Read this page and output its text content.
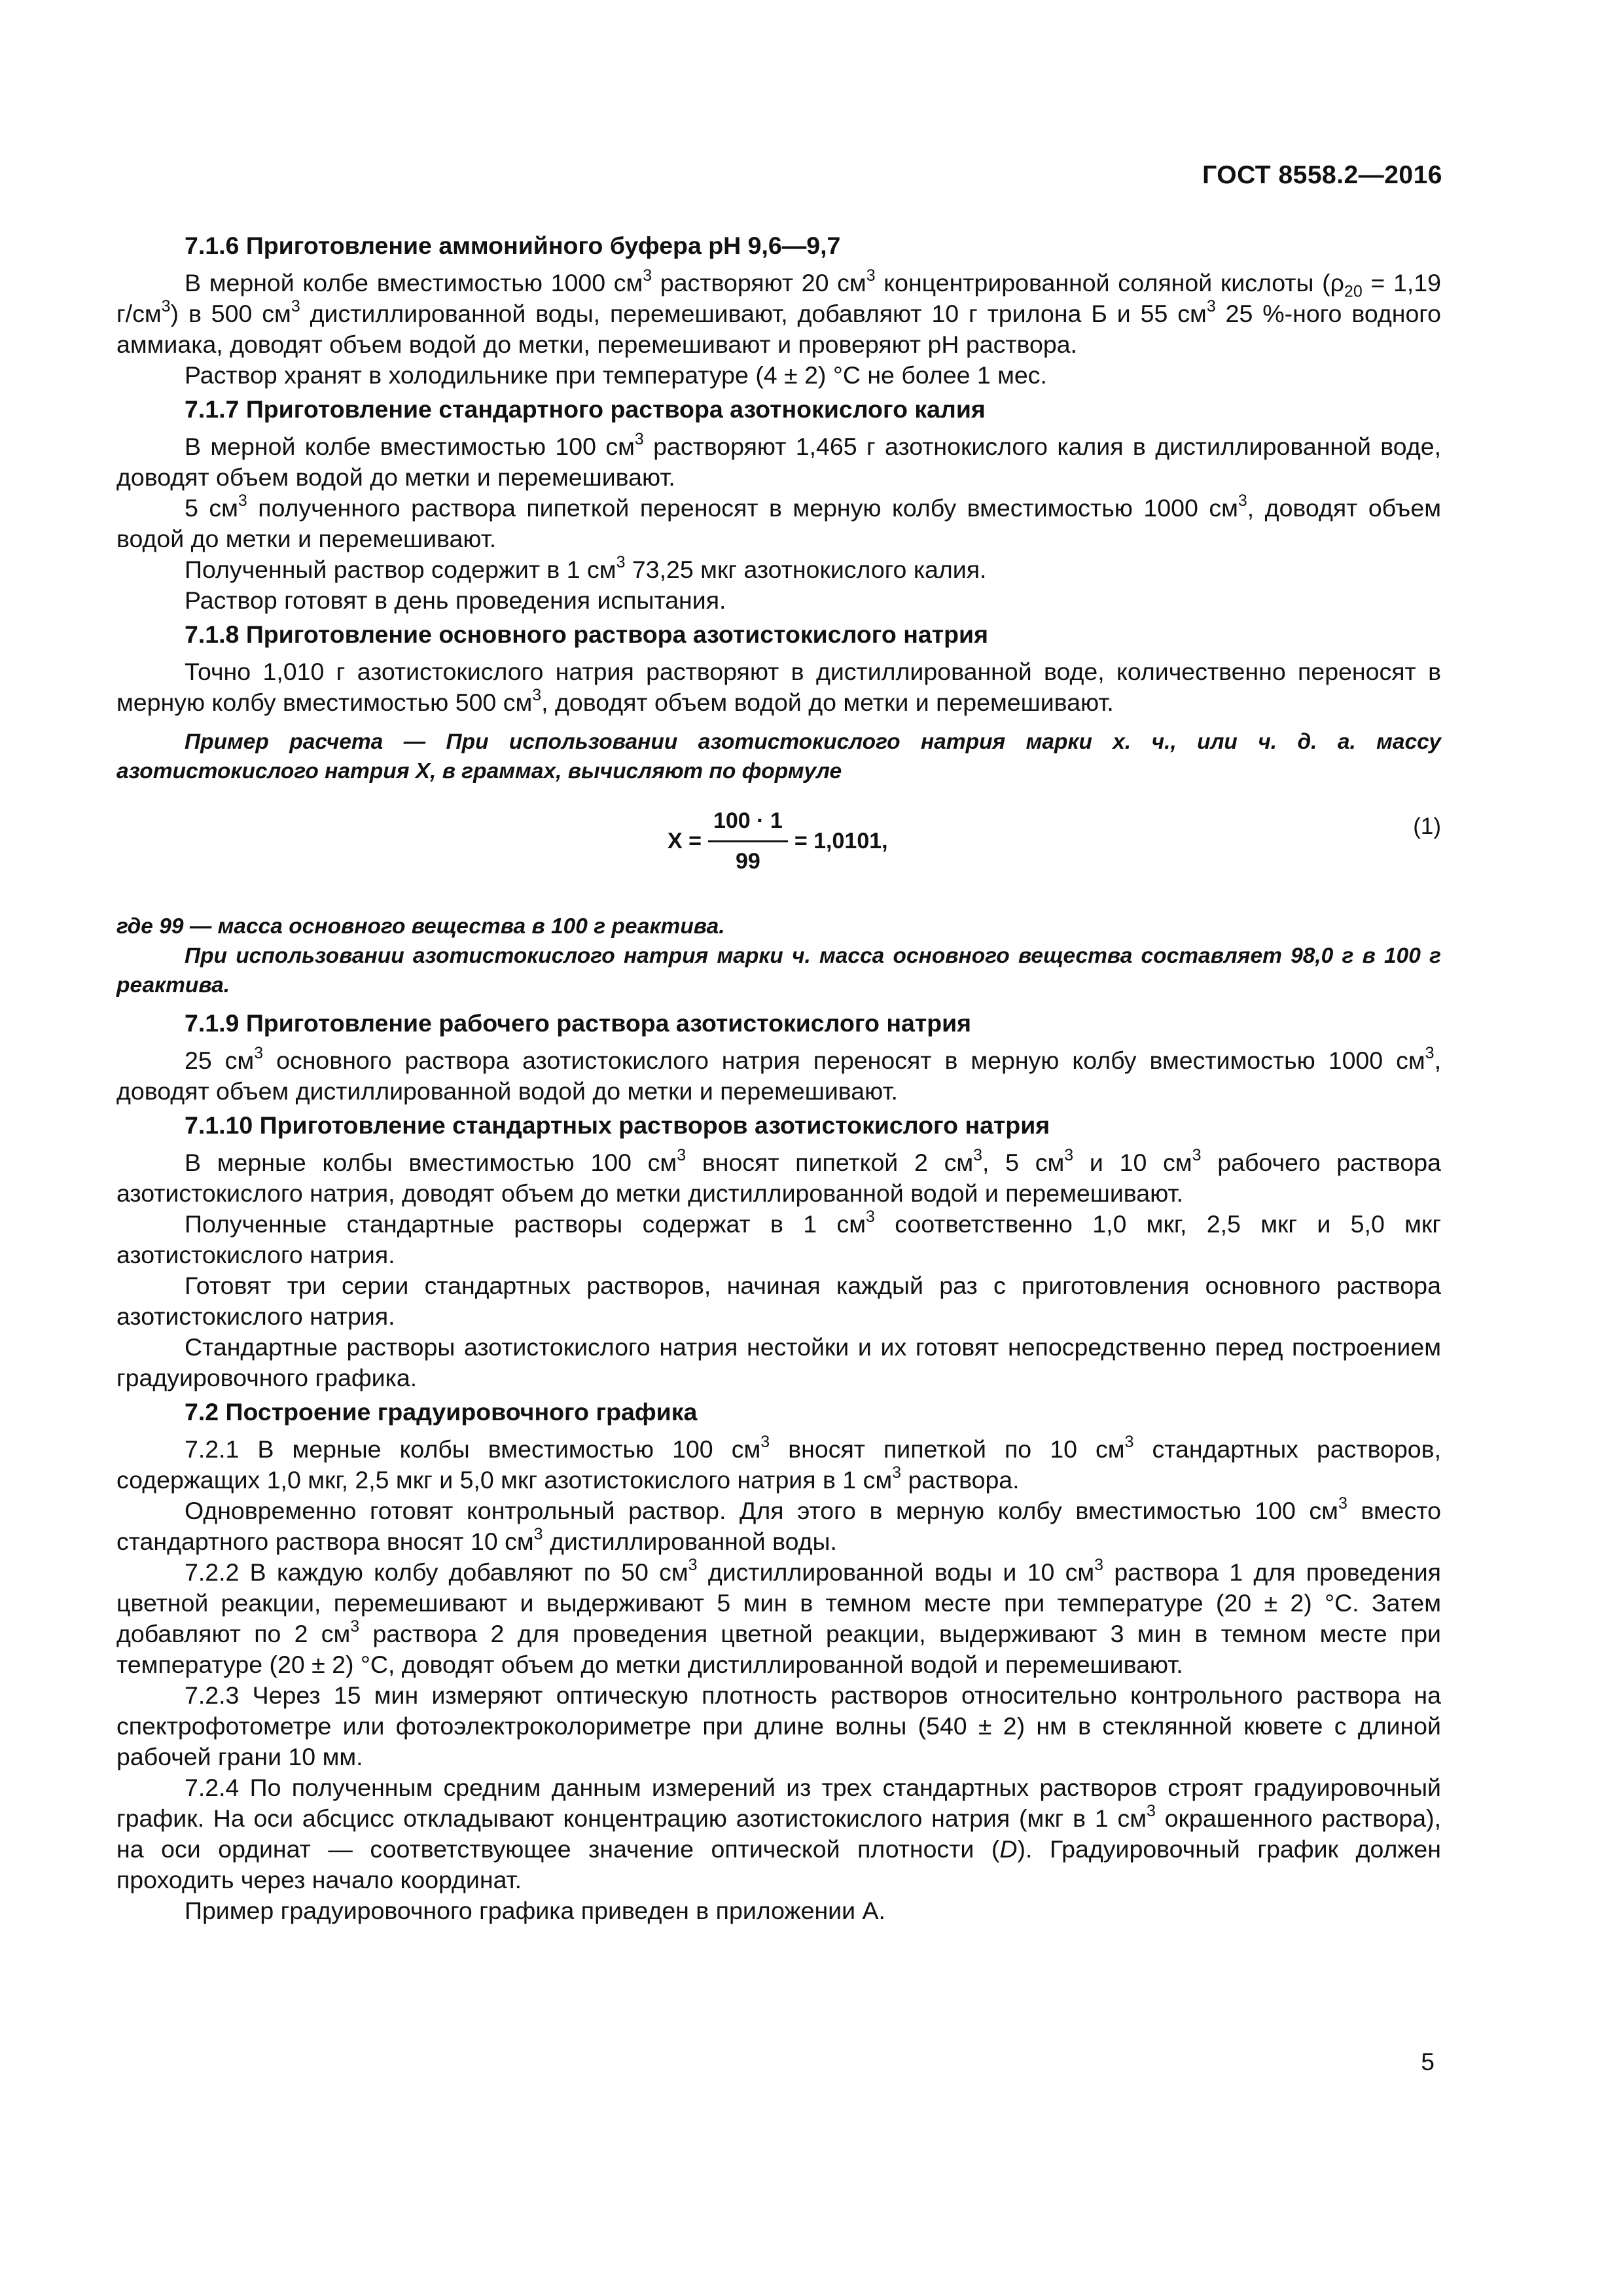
ГОСТ 8558.2—2016
7.1.6 Приготовление аммонийного буфера рН 9,6—9,7
В мерной колбе вместимостью 1000 $см^3$ растворяют 20 $см^3$ концентрированной соляной кислоты ($\rho_{20} = 1,19$ $г/см^3$) в 500 $см^3$ дистиллированной воды, перемешивают, добавляют 10 г трилона Б и 55 $см^3$ 25 %-ного водного аммиака, доводят объем водой до метки, перемешивают и проверяют pH раствора.
Раствор хранят в холодильнике при температуре (4 ± 2) °С не более 1 мес.
7.1.7 Приготовление стандартного раствора азотнокислого калия
В мерной колбе вместимостью 100 $см^3$ растворяют 1,465 г азотнокислого калия в дистиллированной воде, доводят объем водой до метки и перемешивают.
5 $см^3$ полученного раствора пипеткой переносят в мерную колбу вместимостью 1000 $см^3$, доводят объем водой до метки и перемешивают.
Полученный раствор содержит в 1 $см^3$ 73,25 мкг азотнокислого калия.
Раствор готовят в день проведения испытания.
7.1.8 Приготовление основного раствора азотистокислого натрия
Точно 1,010 г азотистокислого натрия растворяют в дистиллированной воде, количественно переносят в мерную колбу вместимостью 500 $см^3$, доводят объем водой до метки и перемешивают.
Пример расчета — При использовании азотистокислого натрия марки х. ч., или ч. д. а. массу азотистокислого натрия X, в граммах, вычисляют по формуле
$X = \frac{100 \cdot 1}{99} = 1,0101$,
(1)
где 99 — масса основного вещества в 100 г реактива.
При использовании азотистокислого натрия марки ч. масса основного вещества составляет 98,0 г в 100 г реактива.
7.1.9 Приготовление рабочего раствора азотистокислого натрия
25 $см^3$ основного раствора азотистокислого натрия переносят в мерную колбу вместимостью 1000 $см^3$, доводят объем дистиллированной водой до метки и перемешивают.
7.1.10 Приготовление стандартных растворов азотистокислого натрия
В мерные колбы вместимостью 100 $см^3$ вносят пипеткой 2 $см^3$, 5 $см^3$ и 10 $см^3$ рабочего раствора азотистокислого натрия, доводят объем до метки дистиллированной водой и перемешивают.
Полученные стандартные растворы содержат в 1 $см^3$ соответственно 1,0 мкг, 2,5 мкг и 5,0 мкг азотистокислого натрия.
Готовят три серии стандартных растворов, начиная каждый раз с приготовления основного раствора азотистокислого натрия.
Стандартные растворы азотистокислого натрия нестойки и их готовят непосредственно перед построением градуировочного графика.
7.2 Построение градуировочного графика
7.2.1 В мерные колбы вместимостью 100 $см^3$ вносят пипеткой по 10 $см^3$ стандартных растворов, содержащих 1,0 мкг, 2,5 мкг и 5,0 мкг азотистокислого натрия в 1 $см^3$ раствора.
Одновременно готовят контрольный раствор. Для этого в мерную колбу вместимостью 100 $см^3$ вместо стандартного раствора вносят 10 $см^3$ дистиллированной воды.
7.2.2 В каждую колбу добавляют по 50 $см^3$ дистиллированной воды и 10 $см^3$ раствора 1 для проведения цветной реакции, перемешивают и выдерживают 5 мин в темном месте при температуре (20 ± 2) °С. Затем добавляют по 2 $см^3$ раствора 2 для проведения цветной реакции, выдерживают 3 мин в темном месте при температуре (20 ± 2) °С, доводят объем до метки дистиллированной водой и перемешивают.
7.2.3 Через 15 мин измеряют оптическую плотность растворов относительно контрольного раствора на спектрофотометре или фотоэлектроколориметре при длине волны (540 ± 2) нм в стеклянной кювете с длиной рабочей грани 10 мм.
7.2.4 По полученным средним данным измерений из трех стандартных растворов строят градуировочный график. На оси абсцисс откладывают концентрацию азотистокислого натрия (мкг в 1 $см^3$ окрашенного раствора), на оси ординат — соответствующее значение оптической плотности (D). Градуировочный график должен проходить через начало координат.
Пример градуировочного графика приведен в приложении А.
5
